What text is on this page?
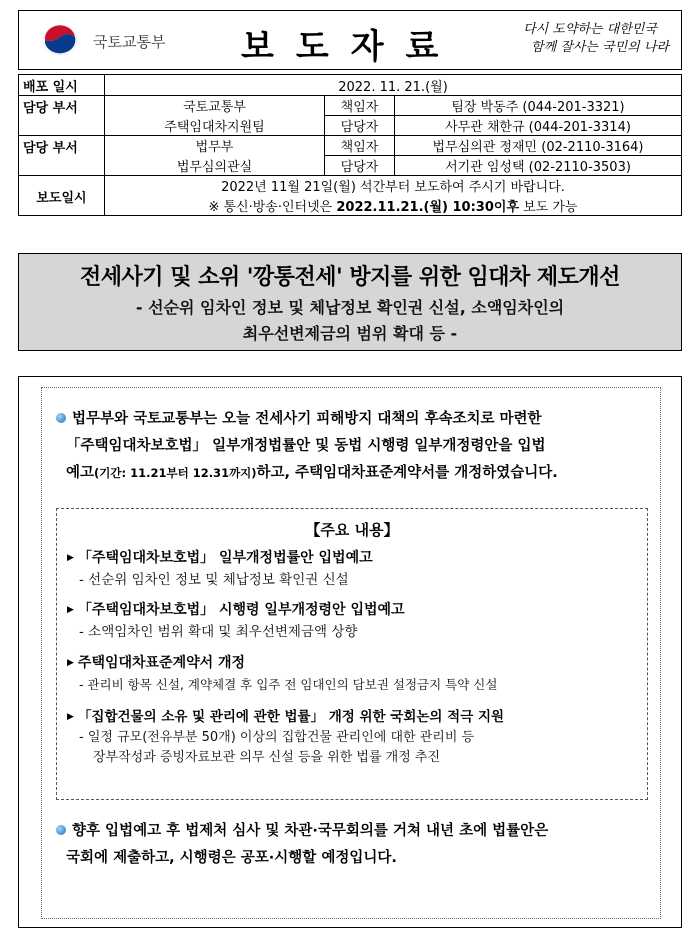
국토교통부 보도자료	다시 도약하는 대한민국
함께 잘사는 국민의 나라
배포 일시	2022. 11. 21.(월)		
담당 부서	국토교통부	책임자	팀장 박동주 (044-201-3321)
	주택임대차지원팀	담당자	사무관 채한규 (044-201-3314)
담당 부서	법무부	책임자	법무심의관 정재민 (02-2110-3164)
	법무심의관실	담당자	서기관 임성택 (02-2110-3503)
보도일시	2022년 11월 21일(월) 석간부터 보도하여 주시기 바랍니다.		
	※ 통신·방송·인터넷은 2022.11.21.(월) 10:30이후 보도 가능		
전세사기 및 소위 '깡통전세' 방지를 위한 임대차 제도개선
- 선순위 임차인 정보 및 체납정보 확인권 신설, 소액임차인의
최우선변제금의 범위 확대 등 -
법무부와 국토교통부는 오늘 전세사기 피해방지 대책의 후속조치로 마련한
「주택임대차보호법」 일부개정법률안 및 동법 시행령 일부개정령안을 입법
예고(기간: 11.21부터 12.31까지)하고, 주택임대차표준계약서를 개정하였습니다.
【주요 내용】
▶ 「주택임대차보호법」 일부개정법률안 입법예고
- 선순위 임차인 정보 및 체납정보 확인권 신설
▶ 「주택임대차보호법」 시행령 일부개정령안 입법예고
- 소액임차인 범위 확대 및 최우선변제금액 상향
▶ 주택임대차표준계약서 개정
- 관리비 항목 신설, 계약체결 후 입주 전 임대인의 담보권 설정금지 특약 신설
▶ 「집합건물의 소유 및 관리에 관한 법률」 개정 위한 국회논의 적극 지원
- 일정 규모(전유부분 50개) 이상의 집합건물 관리인에 대한 관리비 등
장부작성과 증빙자료보관 의무 신설 등을 위한 법률 개정 추진
향후 입법예고 후 법제처 심사 및 차관·국무회의를 거쳐 내년 초에 법률안은
국회에 제출하고, 시행령은 공포·시행할 예정입니다.
